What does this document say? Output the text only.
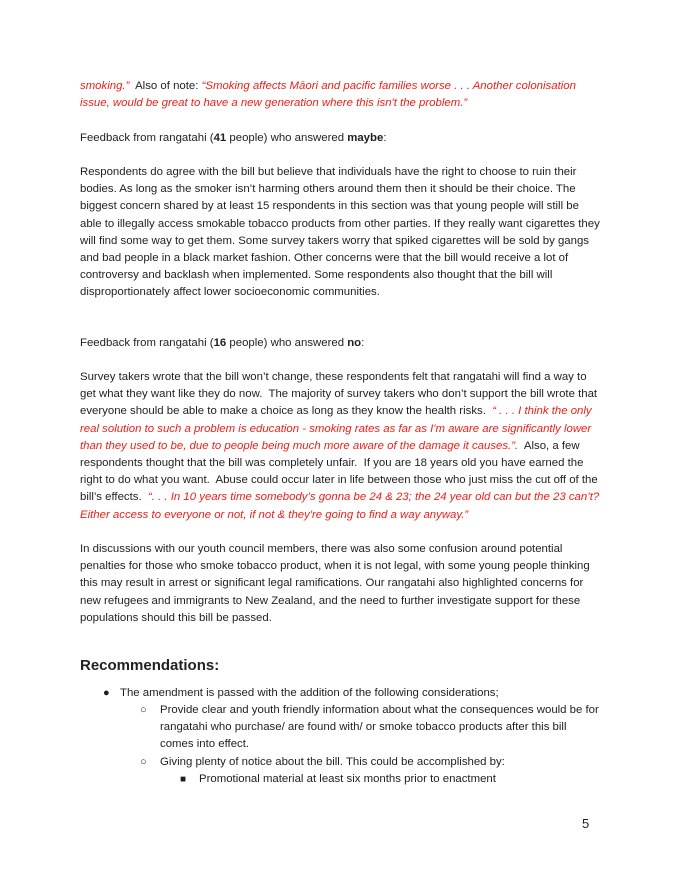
smoking.”  Also of note: “Smoking affects Māori and pacific families worse . . . Another colonisation issue, would be great to have a new generation where this isn't the problem.”

Feedback from rangatahi (41 people) who answered maybe:

Respondents do agree with the bill but believe that individuals have the right to choose to ruin their bodies. As long as the smoker isn’t harming others around them then it should be their choice. The biggest concern shared by at least 15 respondents in this section was that young people will still be able to illegally access smokable tobacco products from other parties. If they really want cigarettes they will find some way to get them. Some survey takers worry that spiked cigarettes will be sold by gangs and bad people in a black market fashion. Other concerns were that the bill would receive a lot of controversy and backlash when implemented. Some respondents also thought that the bill will disproportionately affect lower socioeconomic communities.

Feedback from rangatahi (16 people) who answered no:

Survey takers wrote that the bill won’t change, these respondents felt that rangatahi will find a way to get what they want like they do now.  The majority of survey takers who don’t support the bill wrote that everyone should be able to make a choice as long as they know the health risks.  “ . . . I think the only real solution to such a problem is education - smoking rates as far as I'm aware are significantly lower than they used to be, due to people being much more aware of the damage it causes.”.  Also, a few respondents thought that the bill was completely unfair.  If you are 18 years old you have earned the right to do what you want.  Abuse could occur later in life between those who just miss the cut off of the bill’s effects.  “. . . In 10 years time somebody’s gonna be 24 & 23; the 24 year old can but the 23 can’t? Either access to everyone or not, if not & they're going to find a way anyway.”

In discussions with our youth council members, there was also some confusion around potential penalties for those who smoke tobacco product, when it is not legal, with some young people thinking this may result in arrest or significant legal ramifications. Our rangatahi also highlighted concerns for new refugees and immigrants to New Zealand, and the need to further investigate support for these populations should this bill be passed.

Recommendations:
● The amendment is passed with the addition of the following considerations;
○ Provide clear and youth friendly information about what the consequences would be for rangatahi who purchase/ are found with/ or smoke tobacco products after this bill comes into effect.
○ Giving plenty of notice about the bill. This could be accomplished by:
■ Promotional material at least six months prior to enactment
5
